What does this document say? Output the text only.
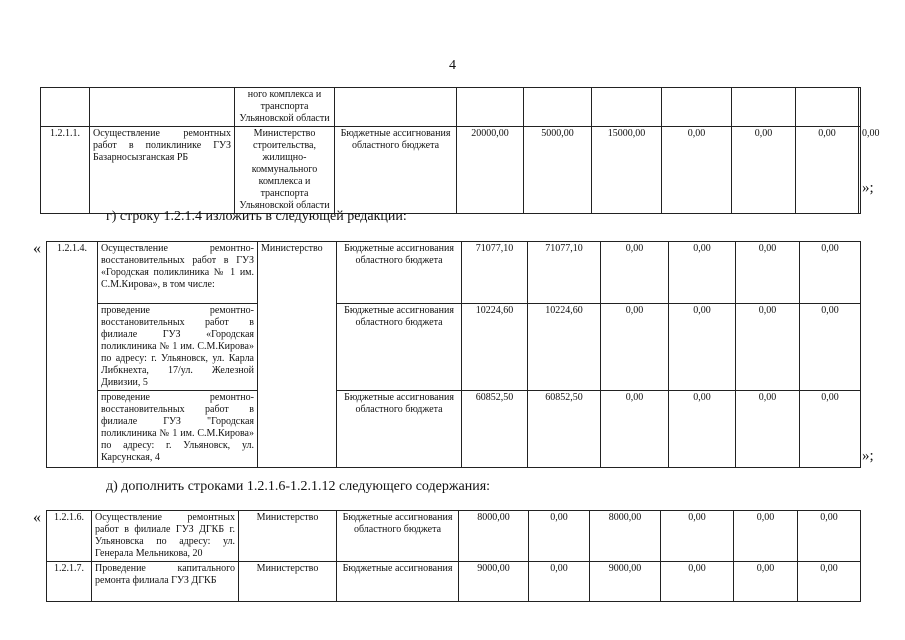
4
		ного комплекса и транспорта Ульяновской области								
1.2.1.1.	Осуществление ремонтных работ в поликлинике ГУЗ Базарносызганская РБ	Министерство строительства, жилищно-коммунального комплекса и транспорта Ульяновской области	Бюджетные ассигнования областного бюджета	20000,00	5000,00	15000,00	0,00	0,00	0,00	0,00
»;
г) строку 1.2.1.4 изложить в следующей редакции:
« 1.2.1.4.	Осуществление ремонтно-восстановительных работ в ГУЗ «Городская поликлиника № 1 им. С.М.Кирова», в том числе:	Министерство	Бюджетные ассигнования областного бюджета	71077,10	71077,10	0,00	0,00	0,00	0,00
	проведение ремонтно-восстановительных работ в филиале ГУЗ «Городская поликлиника № 1 им. С.М.Кирова» по адресу: г. Ульяновск, ул. Карла Либкнехта, 17/ул. Железной Дивизии, 5		Бюджетные ассигнования областного бюджета	10224,60	10224,60	0,00	0,00	0,00	0,00
	проведение ремонтно-восстановительных работ в филиале ГУЗ "Городская поликлиника № 1 им. С.М.Кирова» по адресу: г. Ульяновск, ул. Карсунская, 4		Бюджетные ассигнования областного бюджета	60852,50	60852,50	0,00	0,00	0,00	0,00
»;
д) дополнить строками 1.2.1.6-1.2.1.12 следующего содержания:
« 1.2.1.6.	Осуществление ремонтных работ в филиале ГУЗ ДГКБ г. Ульяновска по адресу: ул. Генерала Мельникова, 20	Министерство	Бюджетные ассигнования областного бюджета	8000,00	0,00	8000,00	0,00	0,00	0,00
1.2.1.7.	Проведение капитального ремонта филиала ГУЗ ДГКБ	Министерство	Бюджетные ассигнования	9000,00	0,00	9000,00	0,00	0,00	0,00
